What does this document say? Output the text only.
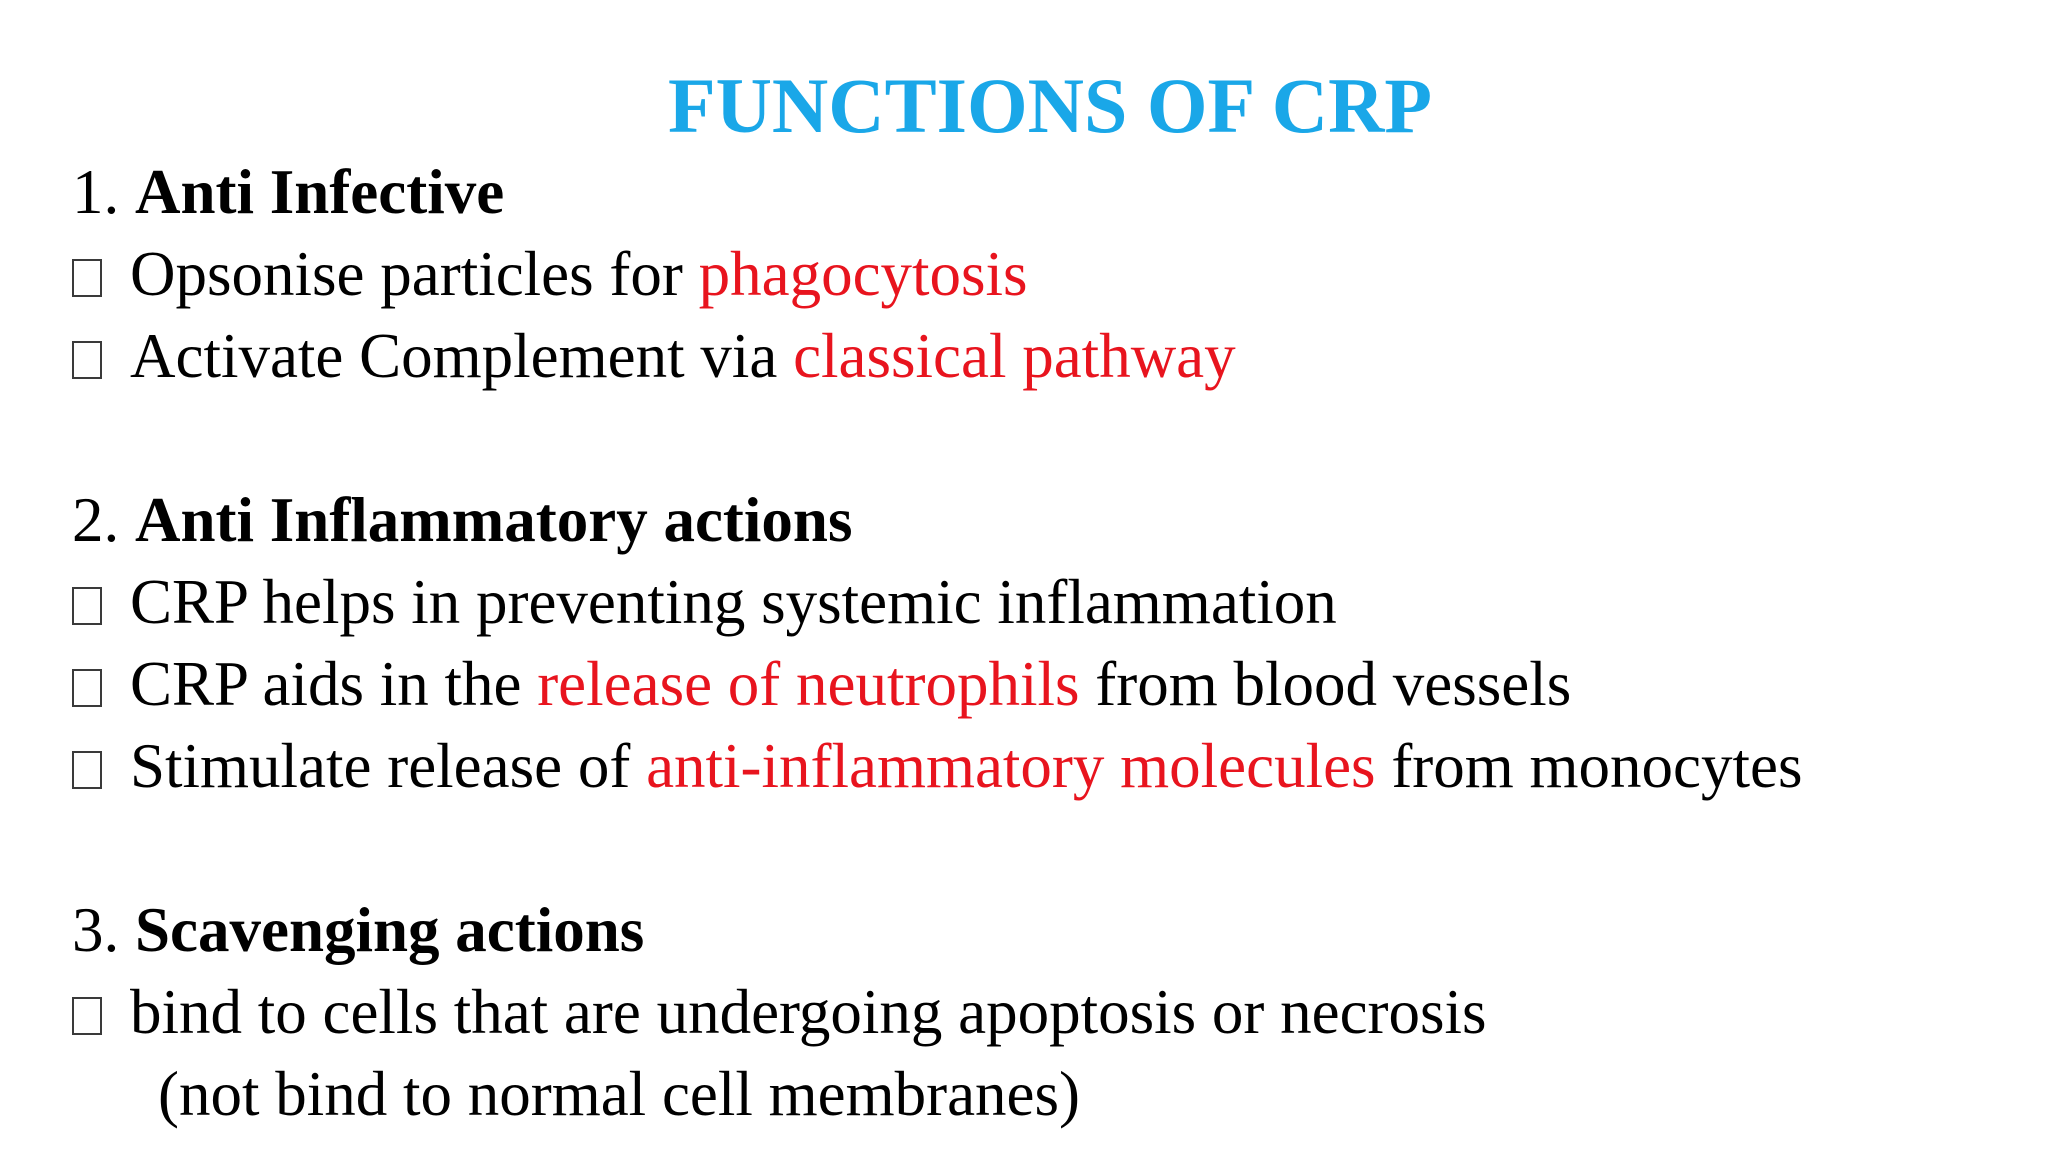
FUNCTIONS OF CRP
1. Anti Infective
Opsonise particles for phagocytosis
Activate Complement via classical pathway
2. Anti Inflammatory actions
CRP helps in preventing systemic inflammation
CRP aids in the release of neutrophils from blood vessels
Stimulate release of anti-inflammatory molecules from monocytes
3. Scavenging actions
bind to cells that are undergoing apoptosis or necrosis
(not bind to normal cell membranes)
